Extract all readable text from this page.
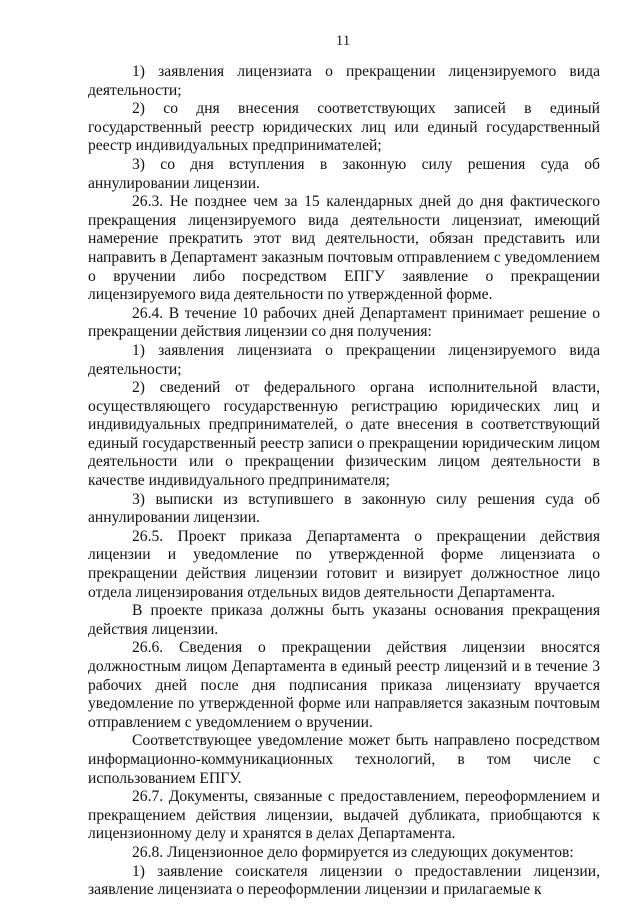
11

1) заявления лицензиата о прекращении лицензируемого вида деятельности;

2) со дня внесения соответствующих записей в единый государственный реестр юридических лиц или единый государственный реестр индивидуальных предпринимателей;

3) со дня вступления в законную силу решения суда об аннулировании лицензии.

26.3. Не позднее чем за 15 календарных дней до дня фактического прекращения лицензируемого вида деятельности лицензиат, имеющий намерение прекратить этот вид деятельности, обязан представить или направить в Департамент заказным почтовым отправлением с уведомлением о вручении либо посредством ЕПГУ заявление о прекращении лицензируемого вида деятельности по утвержденной форме.

26.4. В течение 10 рабочих дней Департамент принимает решение о прекращении действия лицензии со дня получения:

1) заявления лицензиата о прекращении лицензируемого вида деятельности;

2) сведений от федерального органа исполнительной власти, осуществляющего государственную регистрацию юридических лиц и индивидуальных предпринимателей, о дате внесения в соответствующий единый государственный реестр записи о прекращении юридическим лицом деятельности или о прекращении физическим лицом деятельности в качестве индивидуального предпринимателя;

3) выписки из вступившего в законную силу решения суда об аннулировании лицензии.

26.5. Проект приказа Департамента о прекращении действия лицензии и уведомление по утвержденной форме лицензиата о прекращении действия лицензии готовит и визирует должностное лицо отдела лицензирования отдельных видов деятельности Департамента.

В проекте приказа должны быть указаны основания прекращения действия лицензии.

26.6. Сведения о прекращении действия лицензии вносятся должностным лицом Департамента в единый реестр лицензий и в течение 3 рабочих дней после дня подписания приказа лицензиату вручается уведомление по утвержденной форме или направляется заказным почтовым отправлением с уведомлением о вручении.

Соответствующее уведомление может быть направлено посредством информационно-коммуникационных технологий, в том числе с использованием ЕПГУ.

26.7. Документы, связанные с предоставлением, переоформлением и прекращением действия лицензии, выдачей дубликата, приобщаются к лицензионному делу и хранятся в делах Департамента.

26.8. Лицензионное дело формируется из следующих документов:

1) заявление соискателя лицензии о предоставлении лицензии, заявление лицензиата о переоформлении лицензии и прилагаемые к
